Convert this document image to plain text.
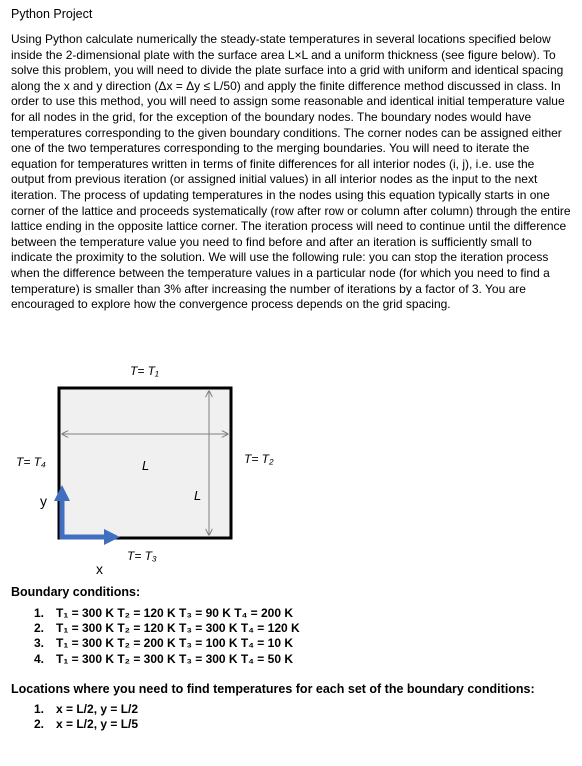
Python Project

Using Python calculate numerically the steady-state temperatures in several locations specified below inside the 2-dimensional plate with the surface area L×L and a uniform thickness (see figure below). To solve this problem, you will need to divide the plate surface into a grid with uniform and identical spacing along the x and y direction (Δx = Δy ≤ L/50) and apply the finite difference method discussed in class. In order to use this method, you will need to assign some reasonable and identical initial temperature value for all nodes in the grid, for the exception of the boundary nodes. The boundary nodes would have temperatures corresponding to the given boundary conditions. The corner nodes can be assigned either one of the two temperatures corresponding to the merging boundaries. You will need to iterate the equation for temperatures written in terms of finite differences for all interior nodes (i, j), i.e. use the output from previous iteration (or assigned initial values) in all interior nodes as the input to the next iteration. The process of updating temperatures in the nodes using this equation typically starts in one corner of the lattice and proceeds systematically (row after row or column after column) through the entire lattice ending in the opposite lattice corner. The iteration process will need to continue until the difference between the temperature value you need to find before and after an iteration is sufficiently small to indicate the proximity to the solution. We will use the following rule: you can stop the iteration process when the difference between the temperature values in a particular node (for which you need to find a temperature) is smaller than 3% after increasing the number of iterations by a factor of 3. You are encouraged to explore how the convergence process depends on the grid spacing.

T= T₁
T= T₂
T= T₃
T= T₄	L
L
y
x
Boundary conditions:
1. T₁ = 300 K T₂ = 120 K T₃ = 90 K T₄ = 200 K
2. T₁ = 300 K T₂ = 120 K T₃ = 300 K T₄ = 120 K
3. T₁ = 300 K T₂ = 200 K T₃ = 100 K T₄ = 10 K
4. T₁ = 300 K T₂ = 300 K T₃ = 300 K T₄ = 50 K
Locations where you need to find temperatures for each set of the boundary conditions:
1. x = L/2, y = L/2
2. x = L/2, y = L/5
